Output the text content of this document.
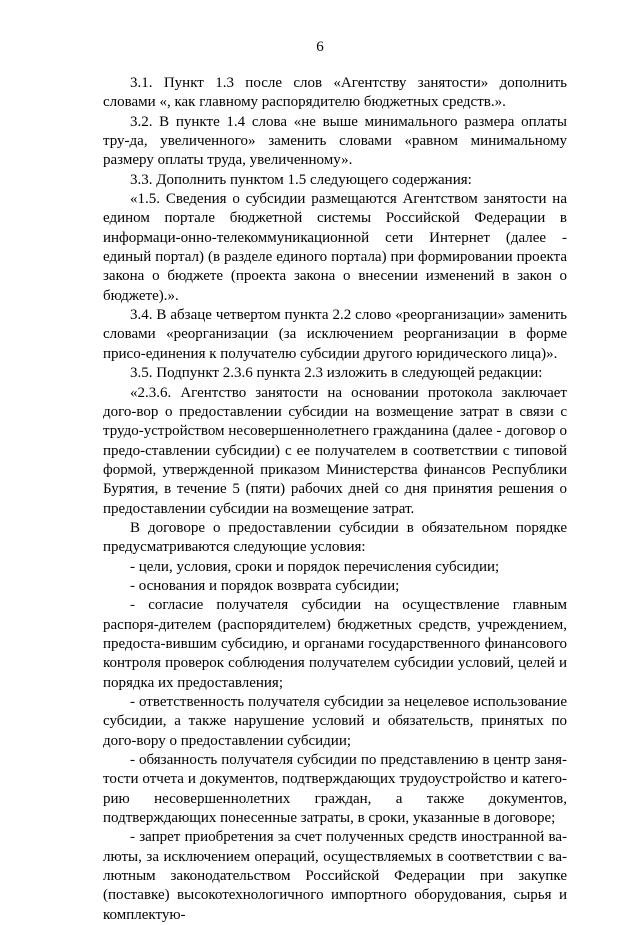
6

3.1. Пункт 1.3 после слов «Агентству занятости» дополнить словами «, как главному распорядителю бюджетных средств.».

3.2. В пункте 1.4 слова «не выше минимального размера оплаты тру-да, увеличенного» заменить словами «равном минимальному размеру оплаты труда, увеличенному».

3.3. Дополнить пунктом 1.5 следующего содержания:

«1.5. Сведения о субсидии размещаются Агентством занятости на едином портале бюджетной системы Российской Федерации в информаци-онно-телекоммуникационной сети Интернет (далее - единый портал) (в разделе единого портала) при формировании проекта закона о бюджете (проекта закона о внесении изменений в закон о бюджете).».

3.4. В абзаце четвертом пункта 2.2 слово «реорганизации» заменить словами «реорганизации (за исключением реорганизации в форме присо-единения к получателю субсидии другого юридического лица)».

3.5. Подпункт 2.3.6 пункта 2.3 изложить в следующей редакции:

«2.3.6. Агентство занятости на основании протокола заключает дого-вор о предоставлении субсидии на возмещение затрат в связи с трудо-устройством несовершеннолетнего гражданина (далее - договор о предо-ставлении субсидии) с ее получателем в соответствии с типовой формой, утвержденной приказом Министерства финансов Республики Бурятия, в течение 5 (пяти) рабочих дней со дня принятия решения о предоставлении субсидии на возмещение затрат.

В договоре о предоставлении субсидии в обязательном порядке предусматриваются следующие условия:

- цели, условия, сроки и порядок перечисления субсидии;

- основания и порядок возврата субсидии;

- согласие получателя субсидии на осуществление главным распоря-дителем (распорядителем) бюджетных средств, учреждением, предоста-вившим субсидию, и органами государственного финансового контроля проверок соблюдения получателем субсидии условий, целей и порядка их предоставления;

- ответственность получателя субсидии за нецелевое использование субсидии, а также нарушение условий и обязательств, принятых по дого-вору о предоставлении субсидии;

- обязанность получателя субсидии по представлению в центр заня-тости отчета и документов, подтверждающих трудоустройство и катего-рию несовершеннолетних граждан, а также документов, подтверждающих понесенные затраты, в сроки, указанные в договоре;

- запрет приобретения за счет полученных средств иностранной ва-люты, за исключением операций, осуществляемых в соответствии с ва-лютным законодательством Российской Федерации при закупке (поставке) высокотехнологичного импортного оборудования, сырья и комплектую-
